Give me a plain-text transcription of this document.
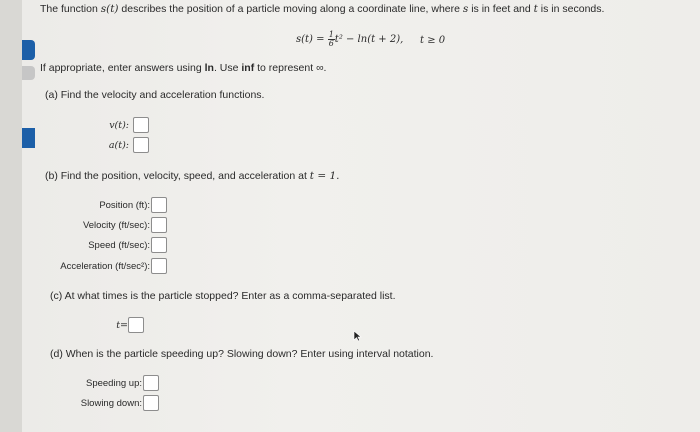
The function s(t) describes the position of a particle moving along a coordinate line, where s is in feet and t is in seconds.
$s(t) = \frac{1}{6} t^2 - \ln(t + 2)$, t ≥ 0
If appropriate, enter answers using ln. Use inf to represent ∞.
(a) Find the velocity and acceleration functions.
v(t):
a(t):
(b) Find the position, velocity, speed, and acceleration at t = 1.
Position (ft):
Velocity (ft/sec):
Speed (ft/sec):
Acceleration (ft/sec²):
(c) At what times is the particle stopped? Enter as a comma-separated list.
t=
(d) When is the particle speeding up? Slowing down? Enter using interval notation.
Speeding up:
Slowing down:
